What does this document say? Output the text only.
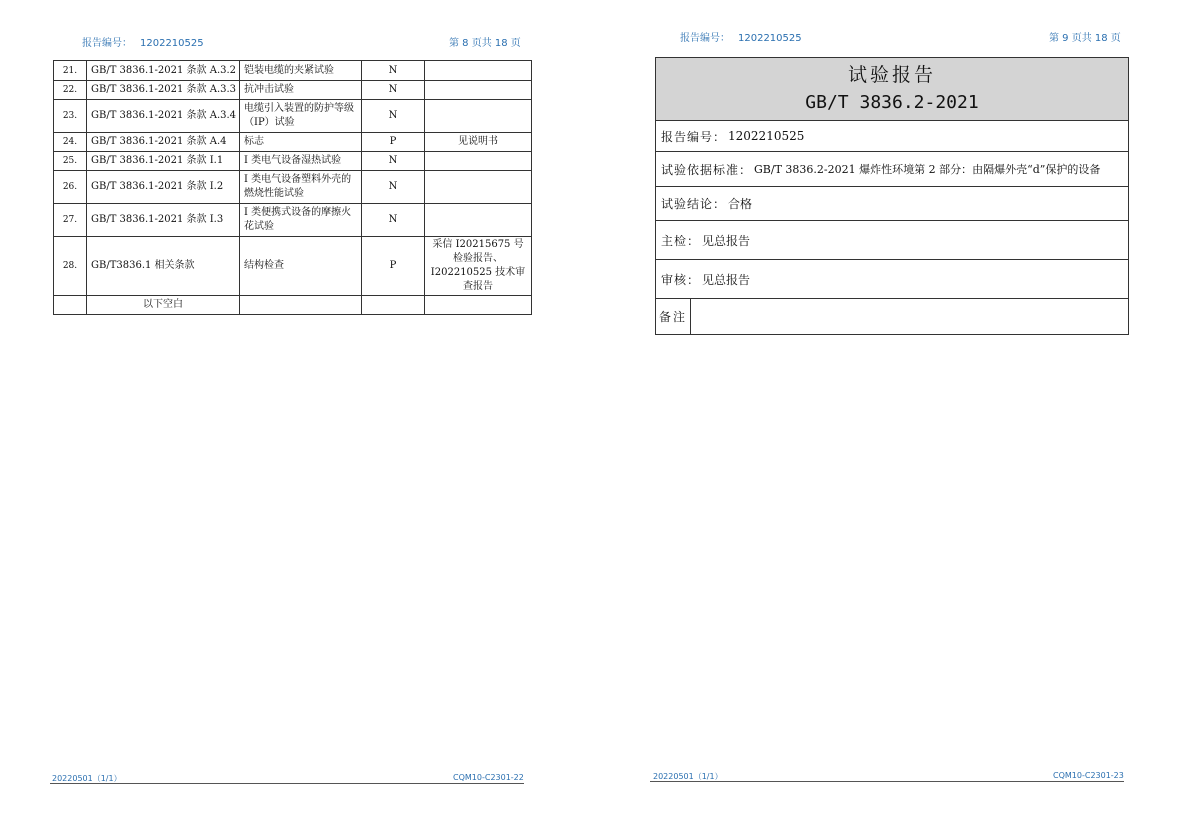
报告编号： 1202210525	第 8 页共 18 页
21.	GB/T 3836.1-2021 条款 A.3.2	铠装电缆的夹紧试验	N	
22.	GB/T 3836.1-2021 条款 A.3.3	抗冲击试验	N	
23.	GB/T 3836.1-2021 条款 A.3.4	电缆引入装置的防护等级（IP）试验	N	
24.	GB/T 3836.1-2021 条款 A.4	标志	P	见说明书
25.	GB/T 3836.1-2021 条款 I.1	I 类电气设备湿热试验	N	
26.	GB/T 3836.1-2021 条款 I.2	I 类电气设备塑料外壳的燃烧性能试验	N	
27.	GB/T 3836.1-2021 条款 I.3	I 类便携式设备的摩擦火花试验	N	
28.	GB/T3836.1 相关条款	结构检查	P	采信 I20215675 号检验报告、I202210525 技术审查报告
	以下空白			
20220501（1/1）	CQM10-C2301-22
报告编号： 1202210525	第 9 页共 18 页
试验报告
GB/T 3836.2-2021
报告编号： 1202210525
试验依据标准： GB/T 3836.2-2021 爆炸性环境第 2 部分：由隔爆外壳“d”保护的设备
试验结论： 合格
主检： 见总报告
审核： 见总报告
备注
20220501（1/1）	CQM10-C2301-23
